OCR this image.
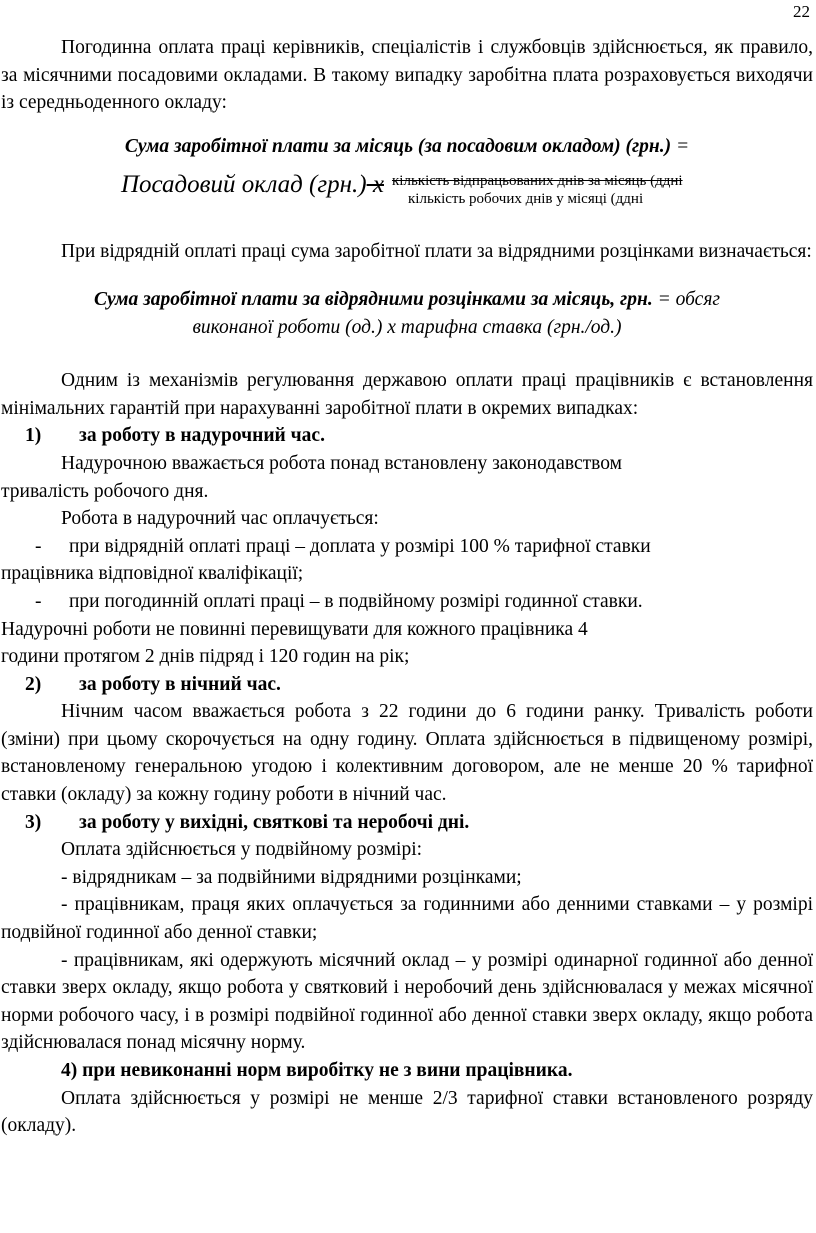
22

Погодинна оплата праці керівників, спеціалістів і службовців здійснюється, як правило, за місячними посадовими окладами. В такому випадку заробітна плата розраховується виходячи із середньоденного окладу:

Сума заробітної плати за місяць (за посадовим окладом) (грн.) =

Посадовий оклад (грн.) х кількість відпрацьованих днів за місяць (ддні
кількість робочих днів у місяці (ддні

При відрядній оплаті праці сума заробітної плати за відрядними розцінками визначається:

Сума заробітної плати за відрядними розцінками за місяць, грн. = обсяг
виконаної роботи (од.) х тарифна ставка (грн./од.)

Одним із механізмів регулювання державою оплати праці працівників є встановлення мінімальних гарантій при нарахуванні заробітної плати в окремих випадках:

1) за роботу в надурочний час.

Надурочною вважається робота понад встановлену законодавством

тривалість робочого дня.

Робота в надурочний час оплачується:

- при відрядній оплаті праці – доплата у розмірі 100 % тарифної ставки

працівника відповідної кваліфікації;

- при погодинній оплаті праці – в подвійному розмірі годинної ставки.

Надурочні роботи не повинні перевищувати для кожного працівника 4

години протягом 2 днів підряд і 120 годин на рік;

2) за роботу в нічний час.

Нічним часом вважається робота з 22 години до 6 години ранку. Тривалість роботи (зміни) при цьому скорочується на одну годину. Оплата здійснюється в підвищеному розмірі, встановленому генеральною угодою і колективним договором, але не менше 20 % тарифної ставки (окладу) за кожну годину роботи в нічний час.

3) за роботу у вихідні, святкові та неробочі дні.

Оплата здійснюється у подвійному розмірі:

- відрядникам – за подвійними відрядними розцінками;

- працівникам, праця яких оплачується за годинними або денними ставками – у розмірі подвійної годинної або денної ставки;

- працівникам, які одержують місячний оклад – у розмірі одинарної годинної або денної ставки зверх окладу, якщо робота у святковий і неробочий день здійснювалася у межах місячної норми робочого часу, і в розмірі подвійної годинної або денної ставки зверх окладу, якщо робота здійснювалася понад місячну норму.

4) при невиконанні норм виробітку не з вини працівника.

Оплата здійснюється у розмірі не менше 2/3 тарифної ставки встановленого розряду (окладу).
